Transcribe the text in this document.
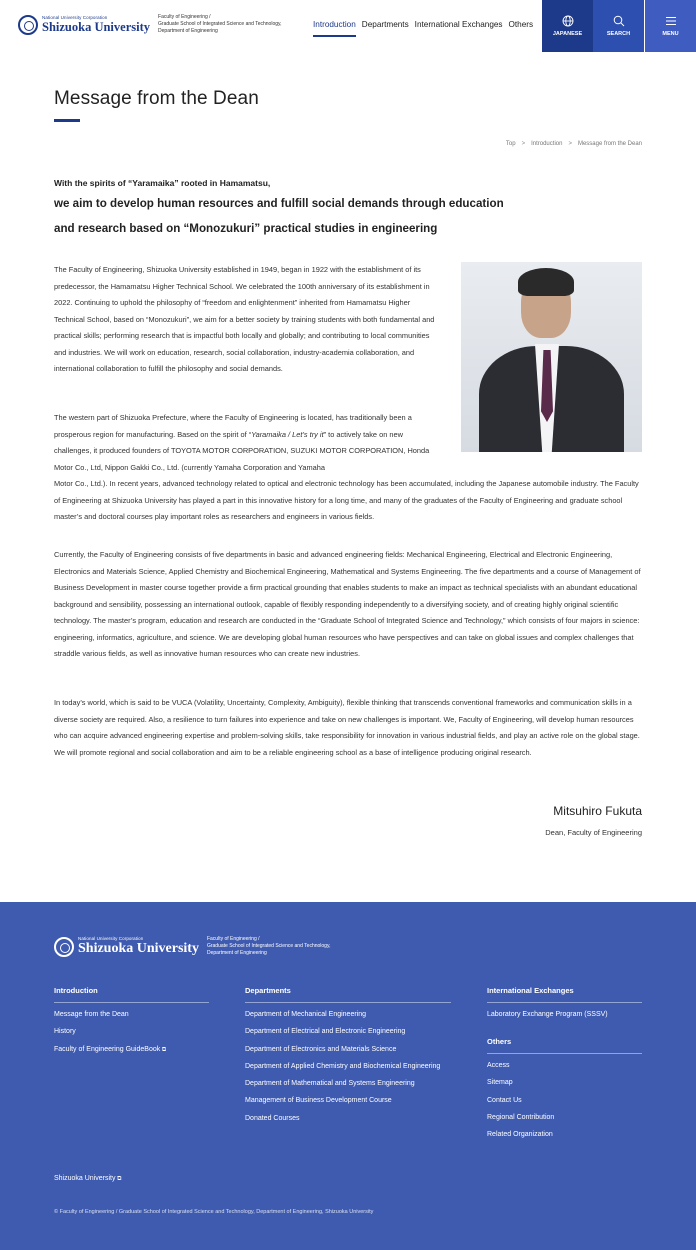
National University Corporation
Shizuoka University
Faculty of Engineering /
Graduate School of Integrated Science and Technology,
Department of Engineering
Introduction Departments International Exchanges Others
JAPANESE	SEARCH	MENU
Message from the Dean
Top > Introduction > Message from the Dean

With the spirits of “Yaramaika” rooted in Hamamatsu,

we aim to develop human resources and fulfill social demands through education

and research based on “Monozukuri” practical studies in engineering

The Faculty of Engineering, Shizuoka University established in 1949, began in 1922 with the establishment of its predecessor, the Hamamatsu Higher Technical School. We celebrated the 100th anniversary of its establishment in 2022. Continuing to uphold the philosophy of “freedom and enlightenment” inherited from Hamamatsu Higher Technical School, based on “Monozukuri”, we aim for a better society by training students with both fundamental and practical skills; performing research that is impactful both locally and globally; and contributing to local communities and industries. We will work on education, research, social collaboration, industry-academia collaboration, and international collaboration to fulfill the philosophy and social demands.

The western part of Shizuoka Prefecture, where the Faculty of Engineering is located, has traditionally been a prosperous region for manufacturing. Based on the spirit of “Yaramaika / Let’s try it” to actively take on new challenges, it produced founders of TOYOTA MOTOR CORPORATION, SUZUKI MOTOR CORPORATION, Honda Motor Co., Ltd, Nippon Gakki Co., Ltd. (currently Yamaha Corporation and Yamaha
Motor Co., Ltd.). In recent years, advanced technology related to optical and electronic technology has been accumulated, including the Japanese automobile industry. The Faculty of Engineering at Shizuoka University has played a part in this innovative history for a long time, and many of the graduates of the Faculty of Engineering and graduate school master’s and doctoral courses play important roles as researchers and engineers in various fields.

Currently, the Faculty of Engineering consists of five departments in basic and advanced engineering fields: Mechanical Engineering, Electrical and Electronic Engineering, Electronics and Materials Science, Applied Chemistry and Biochemical Engineering, Mathematical and Systems Engineering. The five departments and a course of Management of Business Development in master course together provide a firm practical grounding that enables students to make an impact as technical specialists with an abundant educational background and sensibility, possessing an international outlook, capable of flexibly responding independently to a diversifying society, and of creating highly original scientific technology. The master’s program, education and research are conducted in the “Graduate School of Integrated Science and Technology,” which consists of four majors in science: engineering, informatics, agriculture, and science. We are developing global human resources who have perspectives and can take on global issues and complex challenges that straddle various fields, as well as innovative human resources who can create new industries.

In today’s world, which is said to be VUCA (Volatility, Uncertainty, Complexity, Ambiguity), flexible thinking that transcends conventional frameworks and communication skills in a diverse society are required. Also, a resilience to turn failures into experience and take on new challenges is important. We, Faculty of Engineering, will develop human resources who can acquire advanced engineering expertise and problem-solving skills, take responsibility for innovation in various industrial fields, and play an active role on the global stage. We will promote regional and social collaboration and aim to be a reliable engineering school as a base of intelligence producing original research.

Mitsuhiro Fukuta

Dean, Faculty of Engineering

National University Corporation
Shizuoka University
Faculty of Engineering /
Graduate School of Integrated Science and Technology,
Department of Engineering
Introduction
Message from the Dean
History
Faculty of Engineering GuideBook ⧉
Departments
Department of Mechanical Engineering
Department of Electrical and Electronic Engineering
Department of Electronics and Materials Science
Department of Applied Chemistry and Biochemical Engineering
Department of Mathematical and Systems Engineering
Management of Business Development Course
Donated Courses
International Exchanges
Laboratory Exchange Program (SSSV)
Others
Access
Sitemap
Contact Us
Regional Contribution
Related Organization
Shizuoka University ⧉

© Faculty of Engineering / Graduate School of Integrated Science and Technology, Department of Engineering, Shizuoka University
